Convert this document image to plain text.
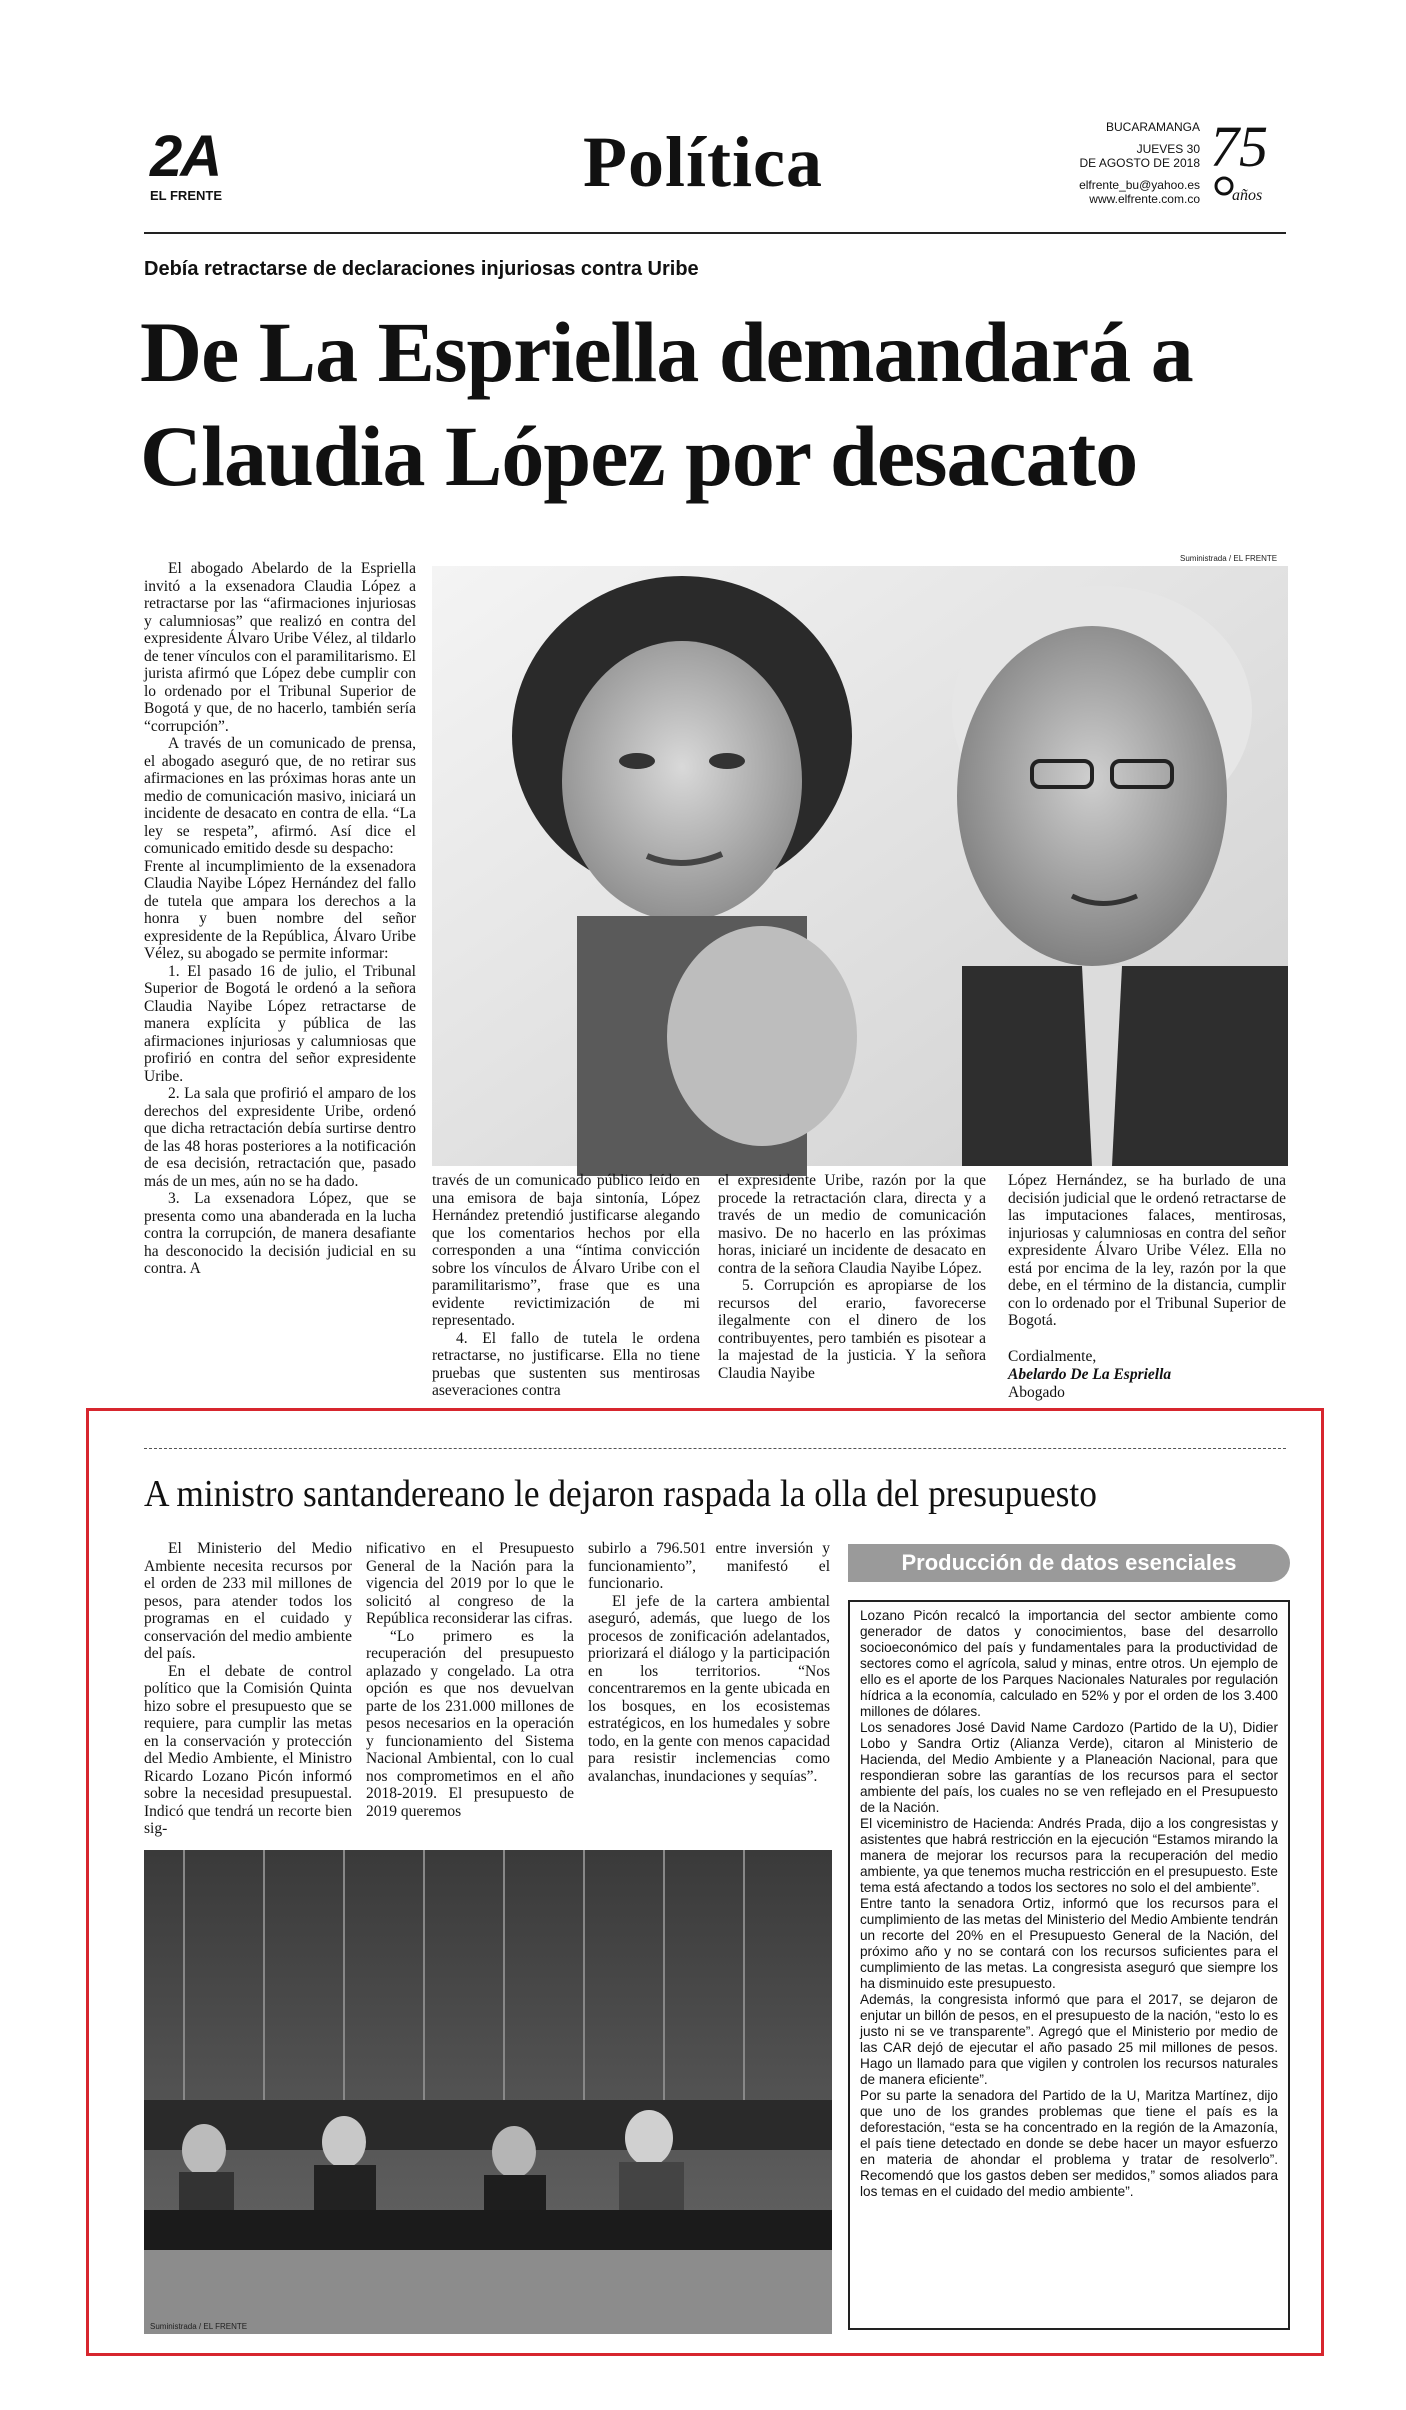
2A
EL FRENTE	Política	BUCARAMANGA
JUEVES 30
DE AGOSTO DE 2018
elfrente_bu@yahoo.es
www.elfrente.com.co
75
años
Debía retractarse de declaraciones injuriosas contra Uribe
De La Espriella demandará a
Claudia López por desacato

El abogado Abelardo de la Espriella invitó a la exsenadora Claudia López a retractarse por las “afirmaciones injuriosas y calumniosas” que realizó en contra del expresidente Álvaro Uribe Vélez, al tildarlo de tener vínculos con el paramilitarismo. El jurista afirmó que López debe cumplir con lo ordenado por el Tribunal Superior de Bogotá y que, de no hacerlo, también sería “corrupción”.

A través de un comunicado de prensa, el abogado aseguró que, de no retirar sus afirmaciones en las próximas horas ante un medio de comunicación masivo, iniciará un incidente de desacato en contra de ella. “La ley se respeta”, afirmó. Así dice el comunicado emitido desde su despacho:

Frente al incumplimiento de la exsenadora Claudia Nayibe López Hernández del fallo de tutela que ampara los derechos a la honra y buen nombre del señor expresidente de la República, Álvaro Uribe Vélez, su abogado se permite informar:

1. El pasado 16 de julio, el Tribunal Superior de Bogotá le ordenó a la señora Claudia Nayibe López retractarse de manera explícita y pública de las afirmaciones injuriosas y calumniosas que profirió en contra del señor expresidente Uribe.

2. La sala que profirió el amparo de los derechos del expresidente Uribe, ordenó que dicha retractación debía surtirse dentro de las 48 horas posteriores a la notificación de esa decisión, retractación que, pasado más de un mes, aún no se ha dado.

3. La exsenadora López, que se presenta como una abanderada en la lucha contra la corrupción, de manera desafiante ha desconocido la decisión judicial en su contra. A

Suministrada / EL FRENTE

través de un comunicado público leído en una emisora de baja sintonía, López Hernández pretendió justificarse alegando que los comentarios hechos por ella corresponden a una “íntima convicción sobre los vínculos de Álvaro Uribe con el paramilitarismo”, frase que es una evidente revictimización de mi representado.

4. El fallo de tutela le ordena retractarse, no justificarse. Ella no tiene pruebas que sustenten sus mentirosas aseveraciones contra

el expresidente Uribe, razón por la que procede la retractación clara, directa y a través de un medio de comunicación masivo. De no hacerlo en las próximas horas, iniciaré un incidente de desacato en contra de la señora Claudia Nayibe López.

5. Corrupción es apropiarse de los recursos del erario, favorecerse ilegalmente con el dinero de los contribuyentes, pero también es pisotear a la majestad de la justicia. Y la señora Claudia Nayibe

López Hernández, se ha burlado de una decisión judicial que le ordenó retractarse de las imputaciones falaces, mentirosas, injuriosas y calumniosas en contra del señor expresidente Álvaro Uribe Vélez. Ella no está por encima de la ley, razón por la que debe, en el término de la distancia, cumplir con lo ordenado por el Tribunal Superior de Bogotá.

Cordialmente,
Abelardo De La Espriella
Abogado
A ministro santandereano le dejaron raspada la olla del presupuesto

El Ministerio del Medio Ambiente necesita recursos por el orden de 233 mil millones de pesos, para atender todos los programas en el cuidado y conservación del medio ambiente del país.

En el debate de control político que la Comisión Quinta hizo sobre el presupuesto que se requiere, para cumplir las metas en la conservación y protección del Medio Ambiente, el Ministro Ricardo Lozano Picón informó sobre la necesidad presupuestal. Indicó que tendrá un recorte bien sig-

nificativo en el Presupuesto General de la Nación para la vigencia del 2019 por lo que le solicitó al congreso de la República reconsiderar las cifras.

“Lo primero es la recuperación del presupuesto aplazado y congelado. La otra opción es que nos devuelvan parte de los 231.000 millones de pesos necesarios en la operación y funcionamiento del Sistema Nacional Ambiental, con lo cual nos comprometimos en el año 2018-2019. El presupuesto de 2019 queremos

subirlo a 796.501 entre inversión y funcionamiento”, manifestó el funcionario.

El jefe de la cartera ambiental aseguró, además, que luego de los procesos de zonificación adelantados, priorizará el diálogo y la participación en los territorios. “Nos concentraremos en la gente ubicada en los bosques, en los ecosistemas estratégicos, en los humedales y sobre todo, en la gente con menos capacidad para resistir inclemencias como avalanchas, inundaciones y sequías”.

Suministrada / EL FRENTE
Producción de datos esenciales

Lozano Picón recalcó la importancia del sector ambiente como generador de datos y conocimientos, base del desarrollo socioeconómico del país y fundamentales para la productividad de sectores como el agrícola, salud y minas, entre otros. Un ejemplo de ello es el aporte de los Parques Nacionales Naturales por regulación hídrica a la economía, calculado en 52% y por el orden de los 3.400 millones de dólares.

Los senadores José David Name Cardozo (Partido de la U), Didier Lobo y Sandra Ortiz (Alianza Verde), citaron al Ministerio de Hacienda, del Medio Ambiente y a Planeación Nacional, para que respondieran sobre las garantías de los recursos para el sector ambiente del país, los cuales no se ven reflejado en el Presupuesto de la Nación.

El viceministro de Hacienda: Andrés Prada, dijo a los congresistas y asistentes que habrá restricción en la ejecución “Estamos mirando la manera de mejorar los recursos para la recuperación del medio ambiente, ya que tenemos mucha restricción en el presupuesto. Este tema está afectando a todos los sectores no solo el del ambiente”.

Entre tanto la senadora Ortiz, informó que los recursos para el cumplimiento de las metas del Ministerio del Medio Ambiente tendrán un recorte del 20% en el Presupuesto General de la Nación, del próximo año y no se contará con los recursos suficientes para el cumplimiento de las metas. La congresista aseguró que siempre los ha disminuido este presupuesto.

Además, la congresista informó que para el 2017, se dejaron de enjutar un billón de pesos, en el presupuesto de la nación, “esto lo es justo ni se ve transparente”. Agregó que el Ministerio por medio de las CAR dejó de ejecutar el año pasado 25 mil millones de pesos. Hago un llamado para que vigilen y controlen los recursos naturales de manera eficiente”.

Por su parte la senadora del Partido de la U, Maritza Martínez, dijo que uno de los grandes problemas que tiene el país es la deforestación, “esta se ha concentrado en la región de la Amazonía, el país tiene detectado en donde se debe hacer un mayor esfuerzo en materia de ahondar el problema y tratar de resolverlo”. Recomendó que los gastos deben ser medidos,” somos aliados para los temas en el cuidado del medio ambiente”.
